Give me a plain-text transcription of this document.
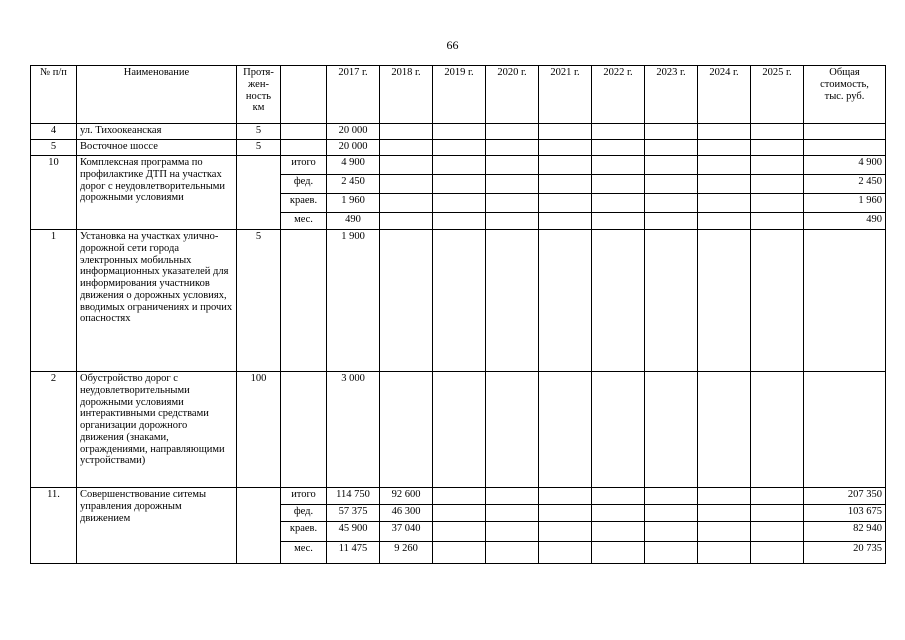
66
№ п/п	Наименование	Протя-
жен-
ность
км		2017 г.	2018 г.	2019 г.	2020 г.	2021 г.	2022 г.	2023 г.	2024 г.	2025 г.	Общая
стоимость,
тыс. руб.
4	ул. Тихоокеанская	5		20 000									
5	Восточное шоссе	5		20 000									
10	Комплексная программа по профилактике ДТП на участках дорог с неудовлетворительными дорожными условиями		итого	4 900									4 900
			фед.	2 450									2 450
			краев.	1 960									1 960
			мес.	490									490
1	Установка на участках улично-дорожной сети города электронных мобильных информационных указателей для информирования участников движения о дорожных условиях, вводимых ограничениях и прочих опасностях	5		1 900									
2	Обустройство дорог с неудовлетворительными дорожными условиями интерактивными средствами организации дорожного движения (знаками, ограждениями, направляющими устройствами)	100		3 000									
11.	Совершенствование ситемы управления дорожным движением		итого	114 750	92 600								207 350
			фед.	57 375	46 300								103 675
			краев.	45 900	37 040								82 940
			мес.	11 475	9 260								20 735
